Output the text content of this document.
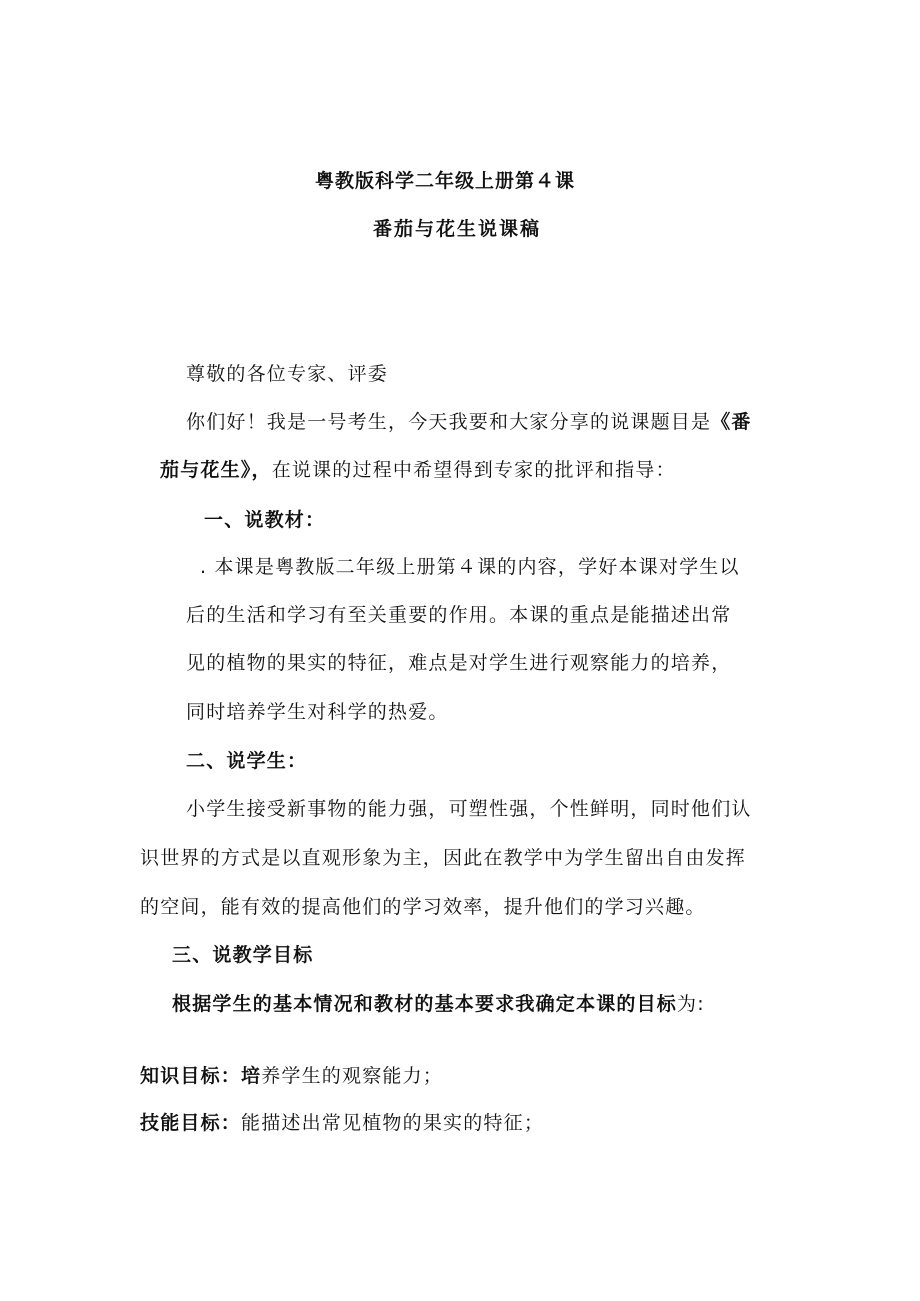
粤教版科学二年级上册第４课
番茄与花生说课稿
尊敬的各位专家、评委
你们好！我是一号考生，今天我要和大家分享的说课题目是《番
茄与花生》，在说课的过程中希望得到专家的批评和指导：
一、说教材：
. 本课是粤教版二年级上册第４课的内容，学好本课对学生以
后的生活和学习有至关重要的作用。本课的重点是能描述出常
见的植物的果实的特征，难点是对学生进行观察能力的培养，
同时培养学生对科学的热爱。
二、说学生：
小学生接受新事物的能力强，可塑性强，个性鲜明，同时他们认
识世界的方式是以直观形象为主，因此在教学中为学生留出自由发挥
的空间，能有效的提高他们的学习效率，提升他们的学习兴趣。
三、说教学目标
根据学生的基本情况和教材的基本要求我确定本课的目标为:
知识目标：培养学生的观察能力；
技能目标：能描述出常见植物的果实的特征；
